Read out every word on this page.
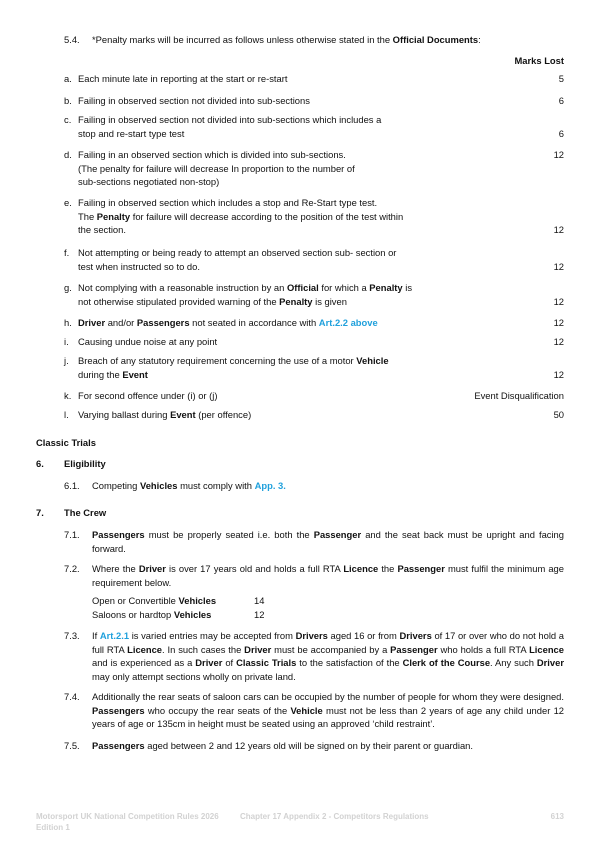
5.4. *Penalty marks will be incurred as follows unless otherwise stated in the Official Documents:
Marks Lost
a. Each minute late in reporting at the start or re-start	5
b. Failing in observed section not divided into sub-sections	6
c. Failing in observed section not divided into sub-sections which includes a
stop and re-start type test	6
d. Failing in an observed section which is divided into sub-sections.
(The penalty for failure will decrease In proportion to the number of
sub-sections negotiated non-stop)
12
e. Failing in observed section which includes a stop and Re-Start type test.
The Penalty for failure will decrease according to the position of the test within
the section.	12
f. Not attempting or being ready to attempt an observed section sub- section or
test when instructed so to do.	12
g. Not complying with a reasonable instruction by an Official for which a Penalty is
not otherwise stipulated provided warning of the Penalty is given	12
h. Driver and/or Passengers not seated in accordance with Art.2.2 above	12
i. Causing undue noise at any point	12
j. Breach of any statutory requirement concerning the use of a motor Vehicle
during the Event	12
k. For second offence under (i) or (j)	Event Disqualification
l. Varying ballast during Event (per offence)	50
Classic Trials
6. Eligibility
6.1. Competing Vehicles must comply with App. 3.
7. The Crew
7.1. Passengers must be properly seated i.e. both the Passenger and the seat back must be upright and facing forward.
7.2. Where the Driver is over 17 years old and holds a full RTA Licence the Passenger must fulfil the minimum age requirement below.
Open or Convertible Vehicles	14
Saloons or hardtop Vehicles	12
7.3. If Art.2.1 is varied entries may be accepted from Drivers aged 16 or from Drivers of 17 or over who do not hold a full RTA Licence. In such cases the Driver must be accompanied by a Passenger who holds a full RTA Licence and is experienced as a Driver of Classic Trials to the satisfaction of the Clerk of the Course. Any such Driver may only attempt sections wholly on private land.
7.4. Additionally the rear seats of saloon cars can be occupied by the number of people for whom they were designed. Passengers who occupy the rear seats of the Vehicle must not be less than 2 years of age any child under 12 years of age or 135cm in height must be seated using an approved ‘child restraint’.
7.5. Passengers aged between 2 and 12 years old will be signed on by their parent or guardian.
Motorsport UK National Competition Rules 2026
Edition 1
Chapter 17 Appendix 2 - Competitors Regulations	613
